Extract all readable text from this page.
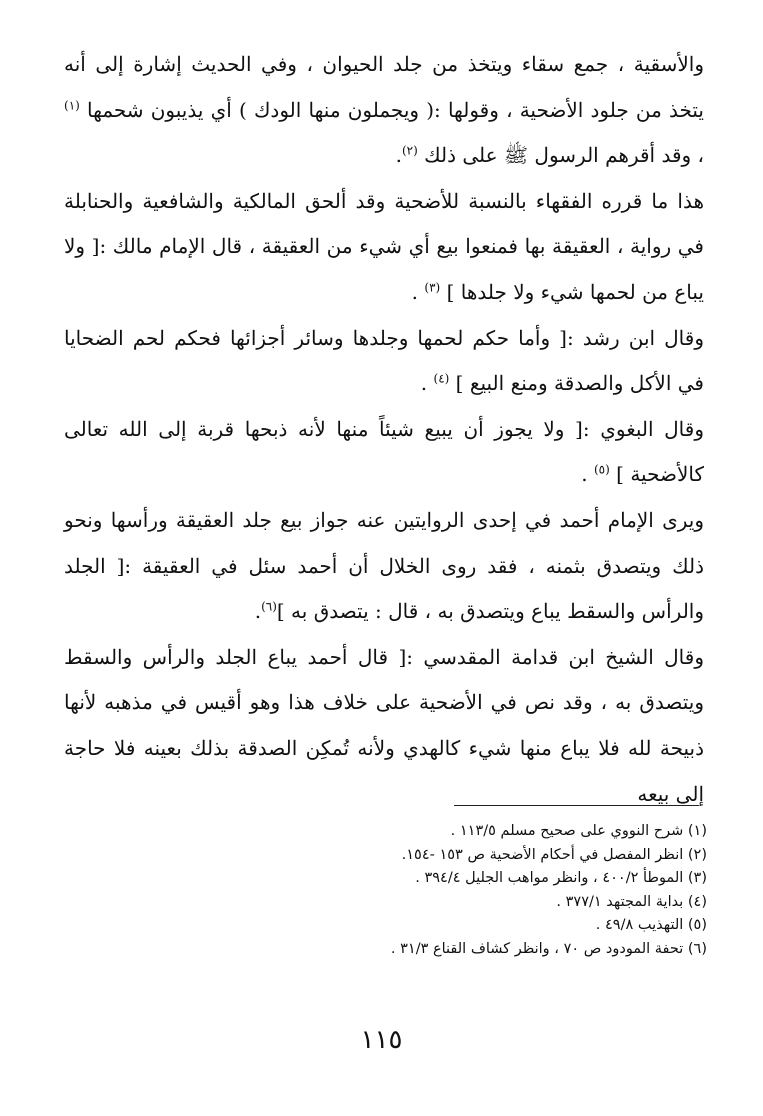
والأسقية ، جمع سقاء ويتخذ من جلد الحيوان ، وفي الحديث إشارة إلى أنه يتخذ من جلود الأضحية ، وقولها :( ويجملون منها الودك ) أي يذيبون شحمها $^{(١)}$ ، وقد أقرهم الرسول ﷺ على ذلك $^{(٢)}$.

هذا ما قرره الفقهاء بالنسبة للأضحية وقد ألحق المالكية والشافعية والحنابلة في رواية ، العقيقة بها فمنعوا بيع أي شيء من العقيقة ، قال الإمام مالك :[ ولا يباع من لحمها شيء ولا جلدها ] $^{(٣)}$ .

وقال ابن رشد :[ وأما حكم لحمها وجلدها وسائر أجزائها فحكم لحم الضحايا في الأكل والصدقة ومنع البيع ] $^{(٤)}$ .

وقال البغوي :[ ولا يجوز أن يبيع شيئاً منها لأنه ذبحها قربة إلى الله تعالى كالأضحية ] $^{(٥)}$ .

ويرى الإمام أحمد في إحدى الروايتين عنه جواز بيع جلد العقيقة ورأسها ونحو ذلك ويتصدق بثمنه ، فقد روى الخلال أن أحمد سئل في العقيقة :[ الجلد والرأس والسقط يباع ويتصدق به ، قال : يتصدق به ]$^{(٦)}$.

وقال الشيخ ابن قدامة المقدسي :[ قال أحمد يباع الجلد والرأس والسقط ويتصدق به ، وقد نص في الأضحية على خلاف هذا وهو أقيس في مذهبه لأنها ذبيحة لله فلا يباع منها شيء كالهدي ولأنه تُمكِن الصدقة بذلك بعينه فلا حاجة إلى بيعه

(١) شرح النووي على صحيح مسلم ١١٣/٥ .
(٢) انظر المفصل في أحكام الأضحية ص ١٥٣ -١٥٤.
(٣) الموطأ ٤٠٠/٢ ، وانظر مواهب الجليل ٣٩٤/٤ .
(٤) بداية المجتهد ٣٧٧/١ .
(٥) التهذيب ٤٩/٨ .
(٦) تحفة المودود ص ٧٠ ، وانظر كشاف القناع ٣١/٣ .
١١٥
